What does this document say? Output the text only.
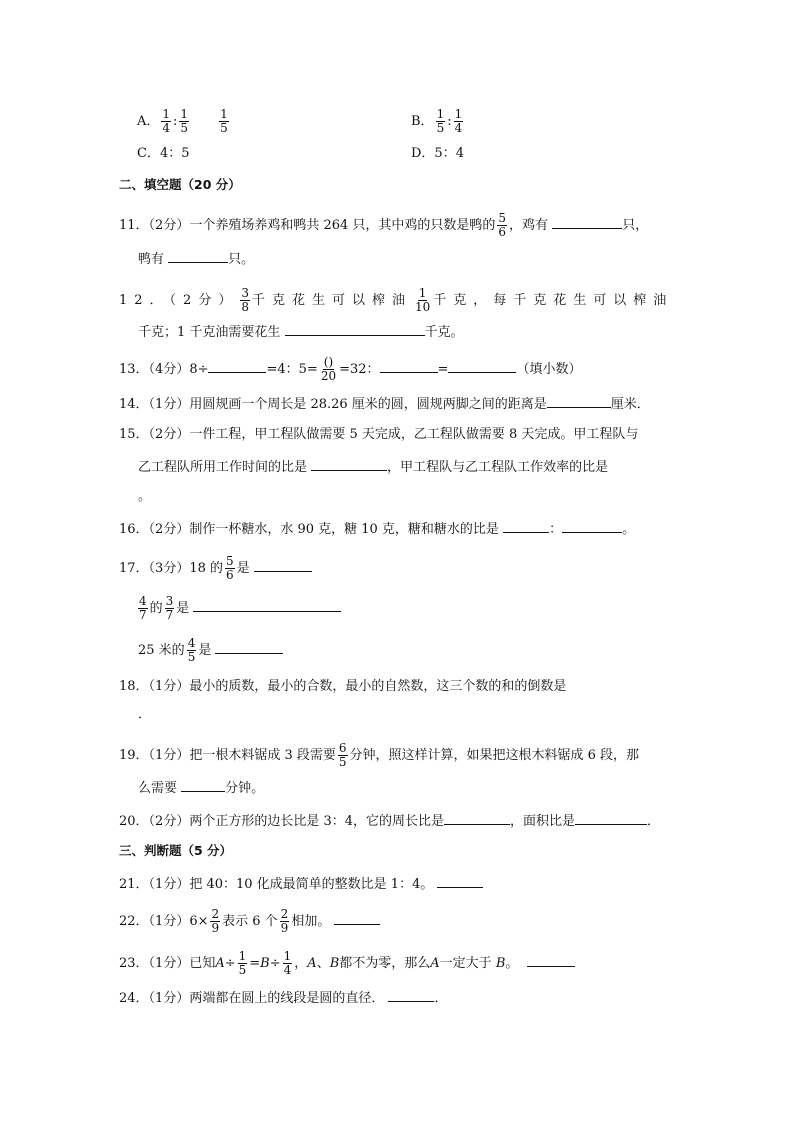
A． $\frac{1}{4}$ : $\frac{1}{5}$	$\frac{1}{5}$	B． $\frac{1}{5}$ : $\frac{1}{4}$
C．4：5	D．5：4
二、填空题（20 分）
11．（2分）一个养殖场养鸡和鸭共 264 只，其中鸡的只数是鸭的 $\frac{5}{6}$ ，鸡有	只，
鸭有	只。
12．（2分） $\frac{3}{8}$ 千克花生可以榨油 $\frac{1}{10}$ 千克，每千克花生可以榨油
千克；1 千克油需要花生	千克。
13．（4分）8÷	=4：$5= \frac{()}{20} =32$：	=	（填小数）
14．（1分）用圆规画一个周长是 28.26 厘米的圆，圆规两脚之间的距离是	厘米．
15．（2分）一件工程，甲工程队做需要 5 天完成，乙工程队做需要 8 天完成。甲工程队与
乙工程队所用工作时间的比是	，甲工程队与乙工程队工作效率的比是
。
16．（2分）制作一杯糖水，水 90 克，糖 10 克，糖和糖水的比是	：	。
17．（3分）18 的 $\frac{5}{6}$ 是
$\frac{4}{7}$ 的 $\frac{3}{7}$ 是
25 米的 $\frac{4}{5}$ 是
18．（1分）最小的质数，最小的合数，最小的自然数，这三个数的和的倒数是
．
19．（1分）把一根木料锯成 3 段需要 $\frac{6}{5}$ 分钟，照这样计算，如果把这根木料锯成 6 段，那
么需要	分钟。
20．（2分）两个正方形的边长比是 3：4，它的周长比是	，面积比是	．
三、判断题（5 分）
21．（1分）把 40：10 化成最简单的整数比是 1：4。
22．（1分）$6\times \frac{2}{9}$ 表示 6 个 $\frac{2}{9}$ 相加。
23．（1分）已知$A\div \frac{1}{5} =B\div \frac{1}{4}$ ，A、B都不为零，那么A一定大于 B。
24．（1分）两端都在圆上的线段是圆的直径．	．
